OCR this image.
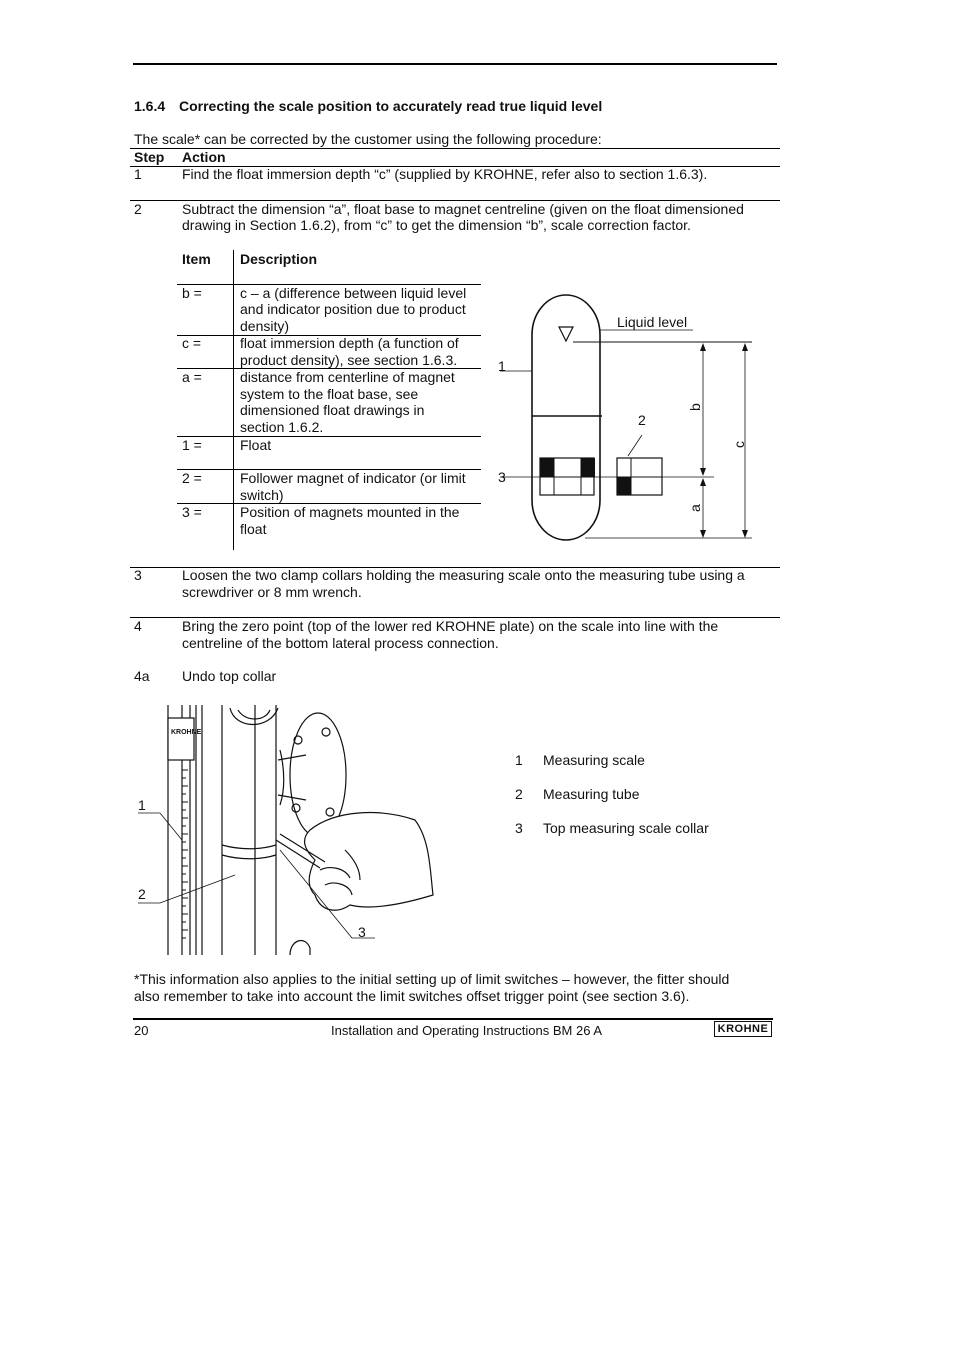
1.6.4 Correcting the scale position to accurately read true liquid level
The scale* can be corrected by the customer using the following procedure:
Step Action
1	Find the float immersion depth “c” (supplied by KROHNE, refer also to section 1.6.3).
2	Subtract the dimension “a”, float base to magnet centreline (given on the float dimensioned
drawing in Section 1.6.2), from “c” to get the dimension “b”, scale correction factor.
Item Description
b =	c – a (difference between liquid level
and indicator position due to product
density)
c =	float immersion depth (a function of
product density), see section 1.6.3.
a =	distance from centerline of magnet
system to the float base, see
dimensioned float drawings in
section 1.6.2.
1 =	Float
2 =	Follower magnet of indicator (or limit
switch)
3 =	Position of magnets mounted in the
float
Liquid level
1
2
3
b
a
c
3	Loosen the two clamp collars holding the measuring scale onto the measuring tube using a
screwdriver or 8 mm wrench.
4	Bring the zero point (top of the lower red KROHNE plate) on the scale into line with the
centreline of the bottom lateral process connection.
4a Undo top collar
KROHNE
1
2
3
1 Measuring scale
2 Measuring tube
3 Top measuring scale collar
*This information also applies to the initial setting up of limit switches – however, the fitter should
also remember to take into account the limit switches offset trigger point (see section 3.6).
20	Installation and Operating Instructions BM 26 A	KROHNE
